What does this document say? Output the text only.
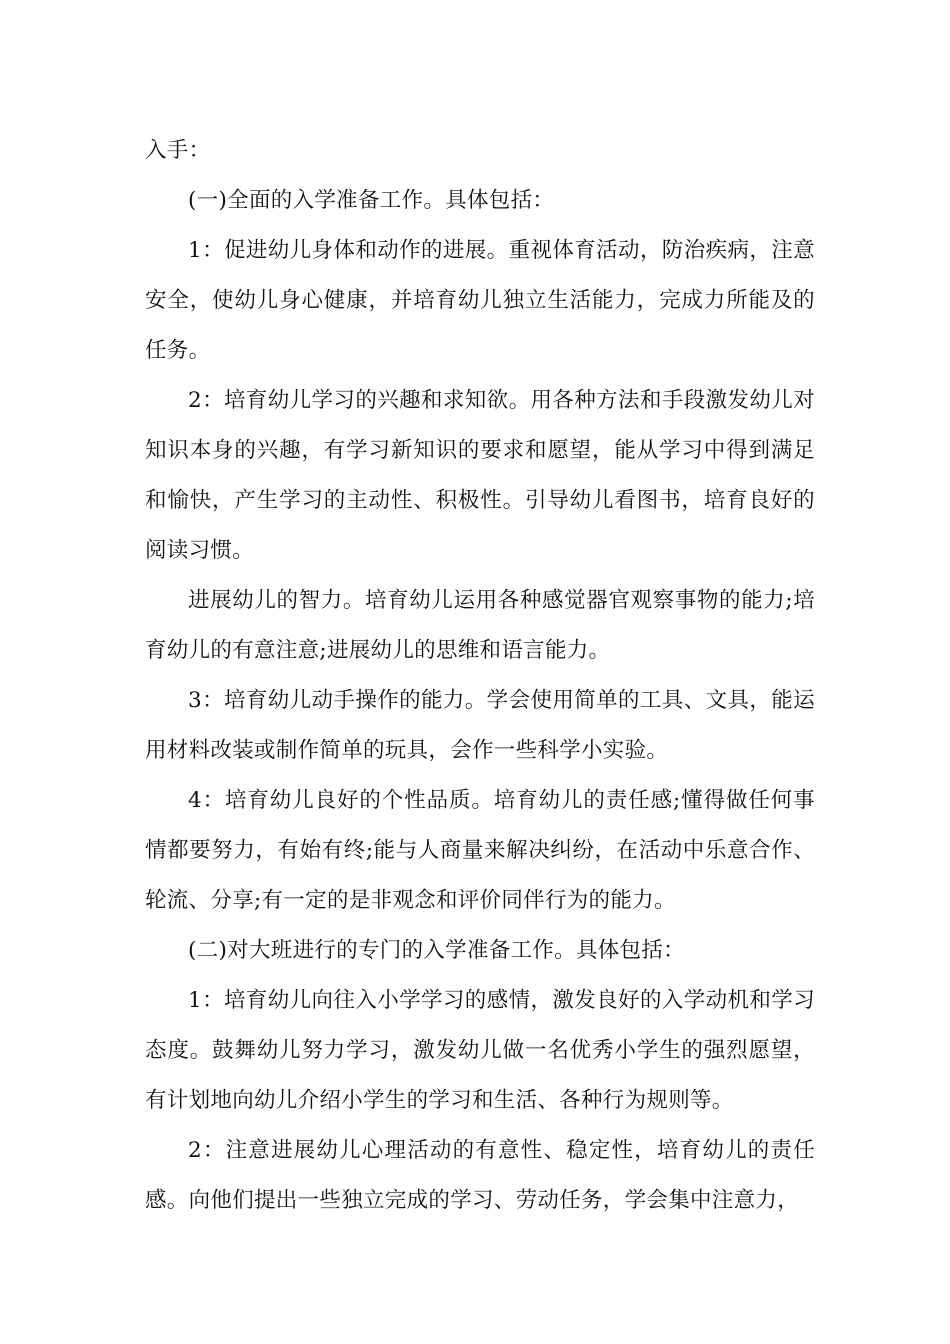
入手：

(一)全面的入学准备工作。具体包括：

1：促进幼儿身体和动作的进展。重视体育活动，防治疾病，注意安全，使幼儿身心健康，并培育幼儿独立生活能力，完成力所能及的任务。

2：培育幼儿学习的兴趣和求知欲。用各种方法和手段激发幼儿对知识本身的兴趣，有学习新知识的要求和愿望，能从学习中得到满足和愉快，产生学习的主动性、积极性。引导幼儿看图书，培育良好的阅读习惯。

进展幼儿的智力。培育幼儿运用各种感觉器官观察事物的能力;培育幼儿的有意注意;进展幼儿的思维和语言能力。

3：培育幼儿动手操作的能力。学会使用简单的工具、文具，能运用材料改装或制作简单的玩具，会作一些科学小实验。

4：培育幼儿良好的个性品质。培育幼儿的责任感;懂得做任何事情都要努力，有始有终;能与人商量来解决纠纷，在活动中乐意合作、轮流、分享;有一定的是非观念和评价同伴行为的能力。

(二)对大班进行的专门的入学准备工作。具体包括：

1：培育幼儿向往入小学学习的感情，激发良好的入学动机和学习态度。鼓舞幼儿努力学习，激发幼儿做一名优秀小学生的强烈愿望，有计划地向幼儿介绍小学生的学习和生活、各种行为规则等。

2：注意进展幼儿心理活动的有意性、稳定性，培育幼儿的责任感。向他们提出一些独立完成的学习、劳动任务，学会集中注意力，
